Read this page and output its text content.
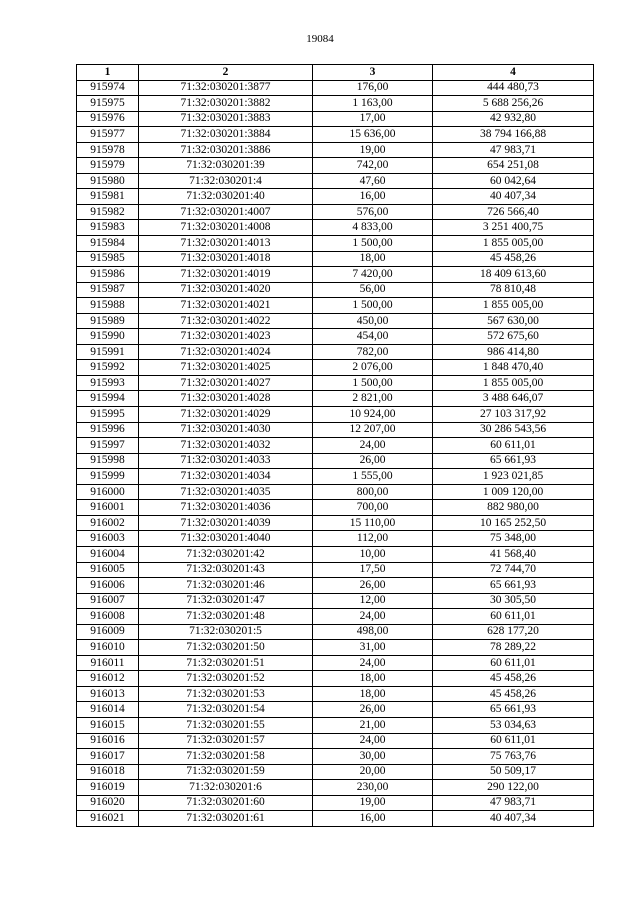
19084
1	2	3	4
915974	71:32:030201:3877	176,00	444 480,73
915975	71:32:030201:3882	1 163,00	5 688 256,26
915976	71:32:030201:3883	17,00	42 932,80
915977	71:32:030201:3884	15 636,00	38 794 166,88
915978	71:32:030201:3886	19,00	47 983,71
915979	71:32:030201:39	742,00	654 251,08
915980	71:32:030201:4	47,60	60 042,64
915981	71:32:030201:40	16,00	40 407,34
915982	71:32:030201:4007	576,00	726 566,40
915983	71:32:030201:4008	4 833,00	3 251 400,75
915984	71:32:030201:4013	1 500,00	1 855 005,00
915985	71:32:030201:4018	18,00	45 458,26
915986	71:32:030201:4019	7 420,00	18 409 613,60
915987	71:32:030201:4020	56,00	78 810,48
915988	71:32:030201:4021	1 500,00	1 855 005,00
915989	71:32:030201:4022	450,00	567 630,00
915990	71:32:030201:4023	454,00	572 675,60
915991	71:32:030201:4024	782,00	986 414,80
915992	71:32:030201:4025	2 076,00	1 848 470,40
915993	71:32:030201:4027	1 500,00	1 855 005,00
915994	71:32:030201:4028	2 821,00	3 488 646,07
915995	71:32:030201:4029	10 924,00	27 103 317,92
915996	71:32:030201:4030	12 207,00	30 286 543,56
915997	71:32:030201:4032	24,00	60 611,01
915998	71:32:030201:4033	26,00	65 661,93
915999	71:32:030201:4034	1 555,00	1 923 021,85
916000	71:32:030201:4035	800,00	1 009 120,00
916001	71:32:030201:4036	700,00	882 980,00
916002	71:32:030201:4039	15 110,00	10 165 252,50
916003	71:32:030201:4040	112,00	75 348,00
916004	71:32:030201:42	10,00	41 568,40
916005	71:32:030201:43	17,50	72 744,70
916006	71:32:030201:46	26,00	65 661,93
916007	71:32:030201:47	12,00	30 305,50
916008	71:32:030201:48	24,00	60 611,01
916009	71:32:030201:5	498,00	628 177,20
916010	71:32:030201:50	31,00	78 289,22
916011	71:32:030201:51	24,00	60 611,01
916012	71:32:030201:52	18,00	45 458,26
916013	71:32:030201:53	18,00	45 458,26
916014	71:32:030201:54	26,00	65 661,93
916015	71:32:030201:55	21,00	53 034,63
916016	71:32:030201:57	24,00	60 611,01
916017	71:32:030201:58	30,00	75 763,76
916018	71:32:030201:59	20,00	50 509,17
916019	71:32:030201:6	230,00	290 122,00
916020	71:32:030201:60	19,00	47 983,71
916021	71:32:030201:61	16,00	40 407,34
